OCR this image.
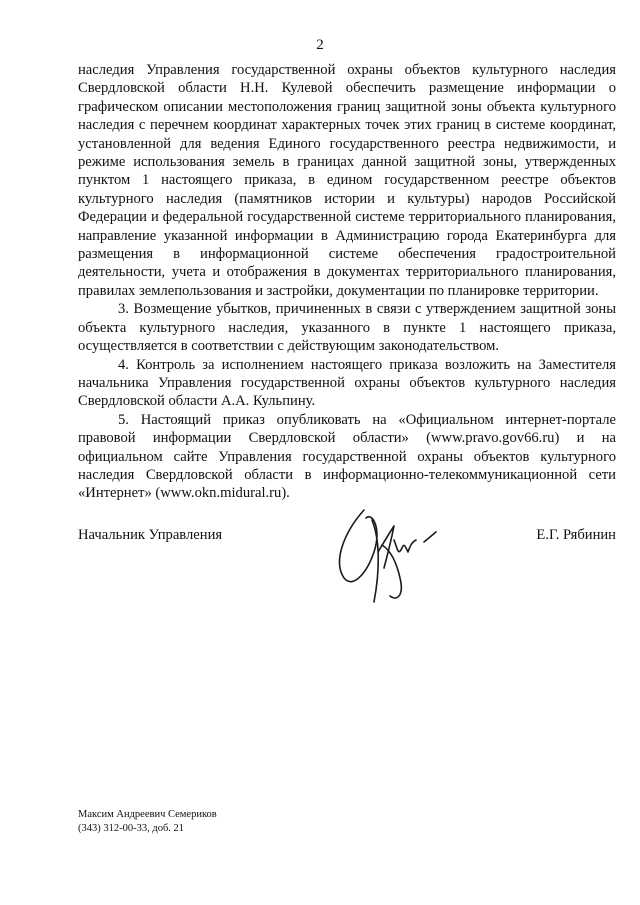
2

наследия Управления государственной охраны объектов культурного наследия Свердловской области Н.Н. Кулевой обеспечить размещение информации о графическом описании местоположения границ защитной зоны объекта культурного наследия с перечнем координат характерных точек этих границ в системе координат, установленной для ведения Единого государственного реестра недвижимости, и режиме использования земель в границах данной защитной зоны, утвержденных пунктом 1 настоящего приказа, в едином государственном реестре объектов культурного наследия (памятников истории и культуры) народов Российской Федерации и федеральной государственной системе территориального планирования, направление указанной информации в Администрацию города Екатеринбурга для размещения в информационной системе обеспечения градостроительной деятельности, учета и отображения в документах территориального планирования, правилах землепользования и застройки, документации по планировке территории.

3. Возмещение убытков, причиненных в связи с утверждением защитной зоны объекта культурного наследия, указанного в пункте 1 настоящего приказа, осуществляется в соответствии с действующим законодательством.

4. Контроль за исполнением настоящего приказа возложить на Заместителя начальника Управления государственной охраны объектов культурного наследия Свердловской области А.А. Кульпину.

5. Настоящий приказ опубликовать на «Официальном интернет-портале правовой информации Свердловской области» (www.pravo.gov66.ru) и на официальном сайте Управления государственной охраны объектов культурного наследия Свердловской области в информационно-телекоммуникационной сети «Интернет» (www.okn.midural.ru).

Начальник Управления	Е.Г. Рябинин
Максим Андреевич Семериков
(343) 312-00-33, доб. 21
